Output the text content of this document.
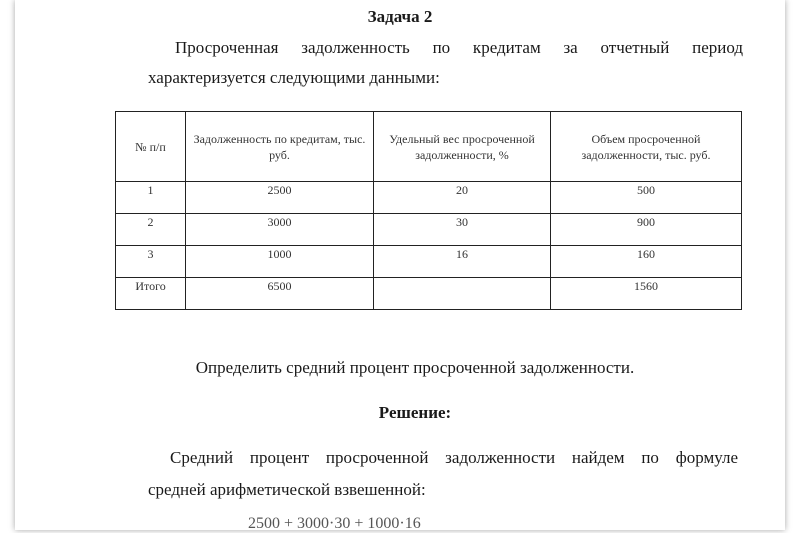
Задача 2
Просроченная задолженность по кредитам за отчетный период
характеризуется следующими данными:
№ п/п	Задолженность по кредитам, тыс. руб.	Удельный вес просроченной задолженности, %	Объем просроченной задолженности, тыс. руб.
1	2500	20	500
2	3000	30	900
3	1000	16	160
Итого	6500		1560
Определить средний процент просроченной задолженности.
Решение:
Средний процент просроченной задолженности найдем по формуле
средней арифметической взвешенной:
2500 + 3000·30 + 1000·16
